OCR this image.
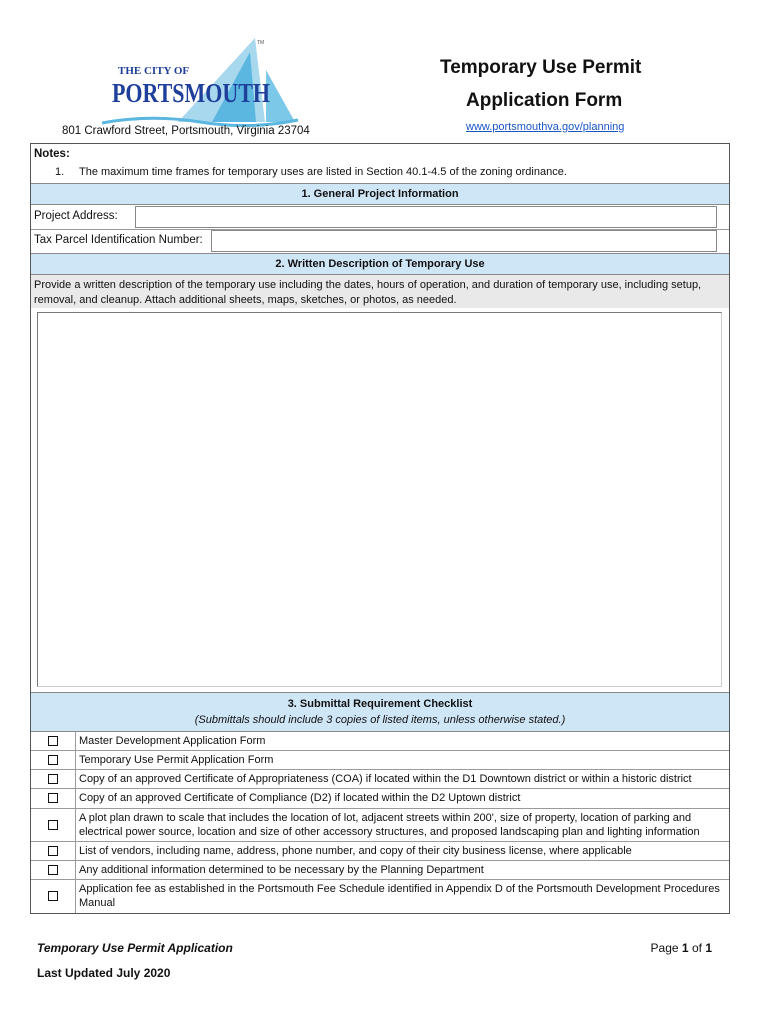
THE CITY OF
PORTSMOUTH
TM
801 Crawford Street, Portsmouth, Virginia 23704
Temporary Use Permit
Application Form
www.portsmouthva.gov/planning
Notes:
1. The maximum time frames for temporary uses are listed in Section 40.1-4.5 of the zoning ordinance.
1. General Project Information
Project Address:
Tax Parcel Identification Number:
2. Written Description of Temporary Use
Provide a written description of the temporary use including the dates, hours of operation, and duration of temporary use, including setup, removal, and cleanup. Attach additional sheets, maps, sketches, or photos, as needed.
3. Submittal Requirement Checklist
(Submittals should include 3 copies of listed items, unless otherwise stated.)
Master Development Application Form
Temporary Use Permit Application Form
Copy of an approved Certificate of Appropriateness (COA) if located within the D1 Downtown district or within a historic district
Copy of an approved Certificate of Compliance (D2) if located within the D2 Uptown district
A plot plan drawn to scale that includes the location of lot, adjacent streets within 200', size of property, location of parking and electrical power source, location and size of other accessory structures, and proposed landscaping plan and lighting information
List of vendors, including name, address, phone number, and copy of their city business license, where applicable
Any additional information determined to be necessary by the Planning Department
Application fee as established in the Portsmouth Fee Schedule identified in Appendix D of the Portsmouth Development Procedures Manual
Temporary Use Permit Application
Last Updated July 2020
Page 1 of 1
